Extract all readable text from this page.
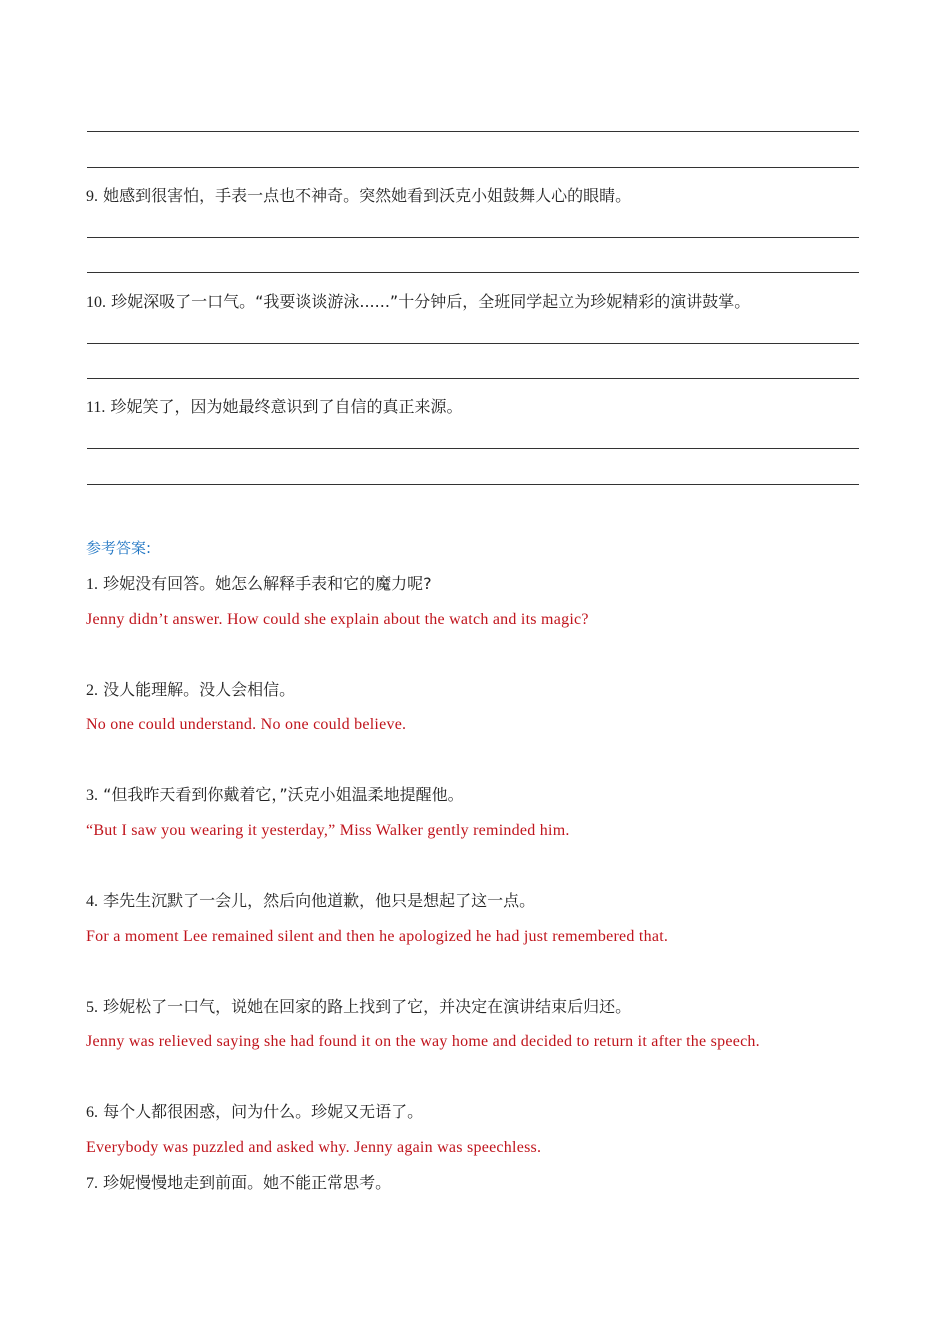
9. 她感到很害怕，手表一点也不神奇。突然她看到沃克小姐鼓舞人心的眼睛。
10. 珍妮深吸了一口气。“我要谈谈游泳......”十分钟后，全班同学起立为珍妮精彩的演讲鼓掌。
11. 珍妮笑了，因为她最终意识到了自信的真正来源。
参考答案:
1. 珍妮没有回答。她怎么解释手表和它的魔力呢?
Jenny didn’t answer. How could she explain about the watch and its magic?
2. 没人能理解。没人会相信。
No one could understand. No one could believe.
3. “但我昨天看到你戴着它，”沃克小姐温柔地提醒他。
“But I saw you wearing it yesterday,” Miss Walker gently reminded him.
4. 李先生沉默了一会儿，然后向他道歉，他只是想起了这一点。
For a moment Lee remained silent and then he apologized he had just remembered that.
5. 珍妮松了一口气，说她在回家的路上找到了它，并决定在演讲结束后归还。
Jenny was relieved saying she had found it on the way home and decided to return it after the speech.
6. 每个人都很困惑，问为什么。珍妮又无语了。
Everybody was puzzled and asked why. Jenny again was speechless.
7. 珍妮慢慢地走到前面。她不能正常思考。
